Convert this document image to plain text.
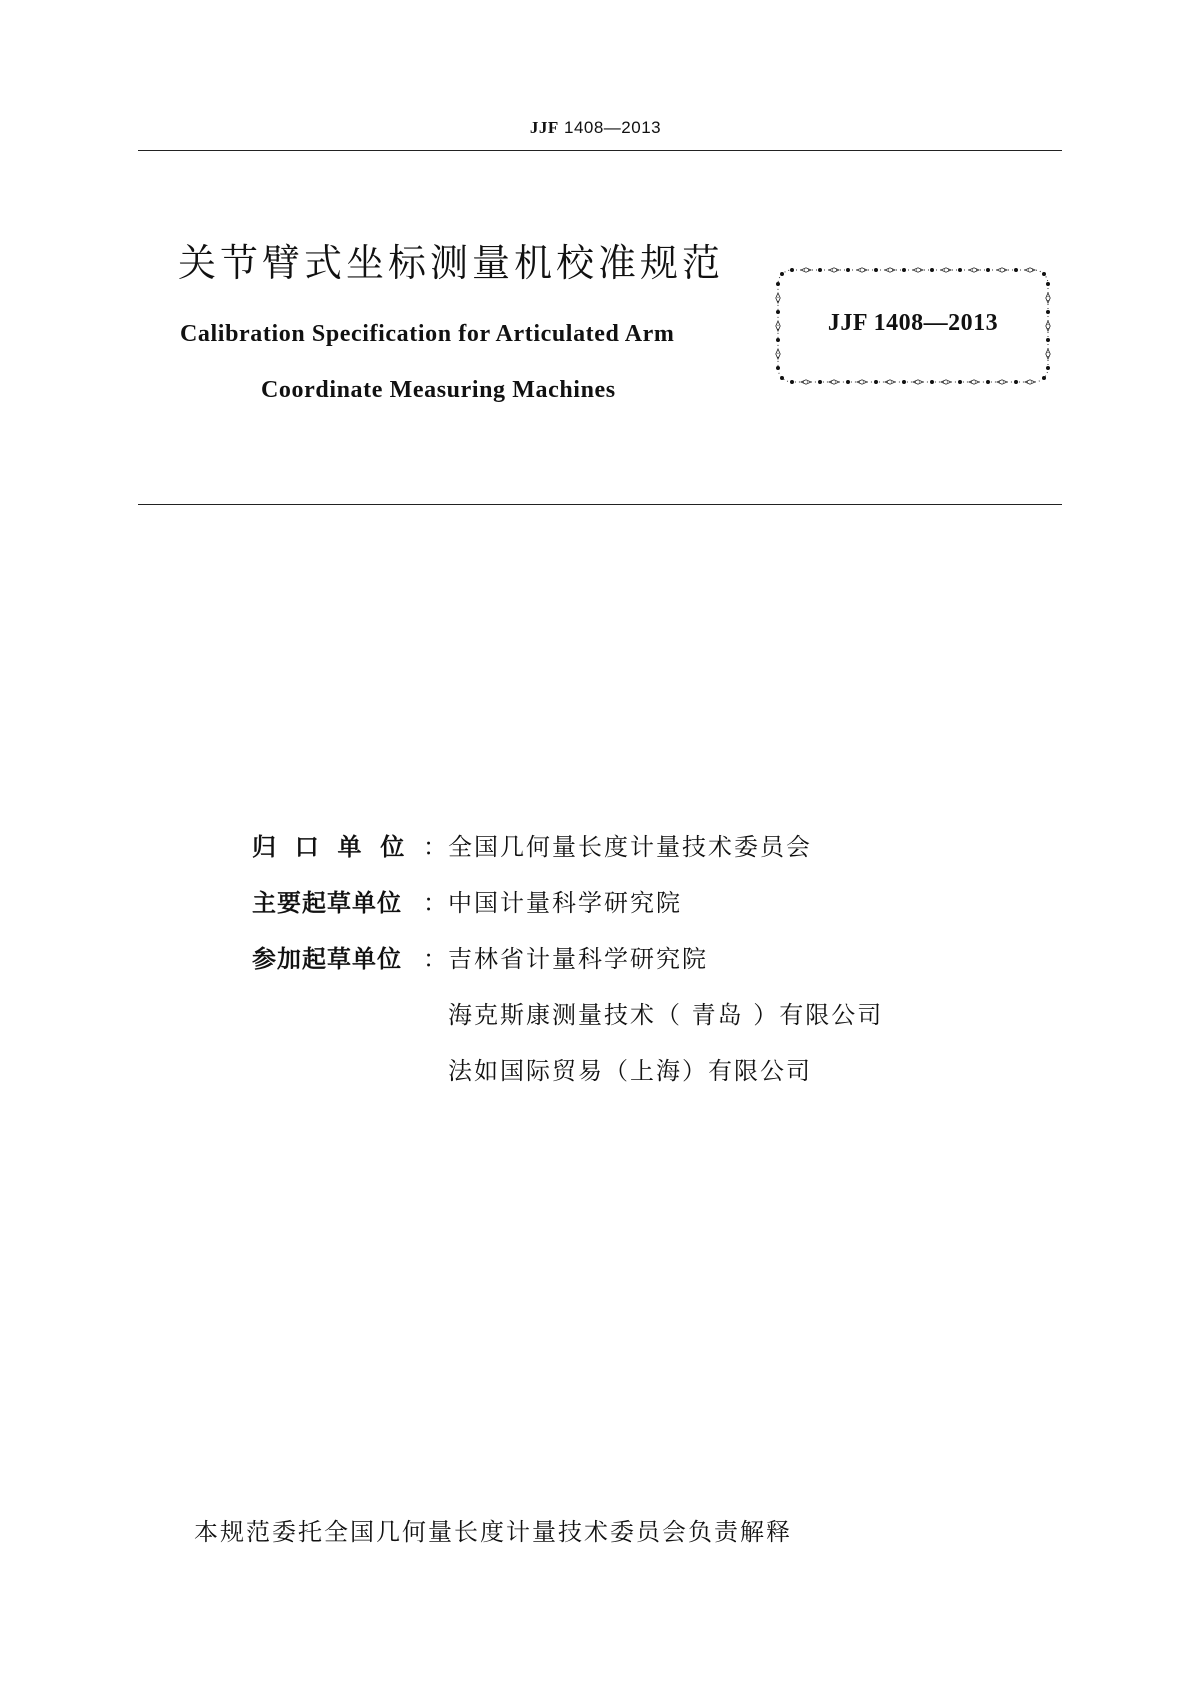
JJF 1408—2013

关节臂式坐标测量机校准规范

Calibration Specification for Articulated Arm

Coordinate Measuring Machines

JJF 1408—2013
归 口 单 位 ： 全国几何量长度计量技术委员会
主要起草单位 ： 中国计量科学研究院
参加起草单位 ： 吉林省计量科学研究院
海克斯康测量技术（ 青岛 ）有限公司
法如国际贸易（上海）有限公司

本规范委托全国几何量长度计量技术委员会负责解释
